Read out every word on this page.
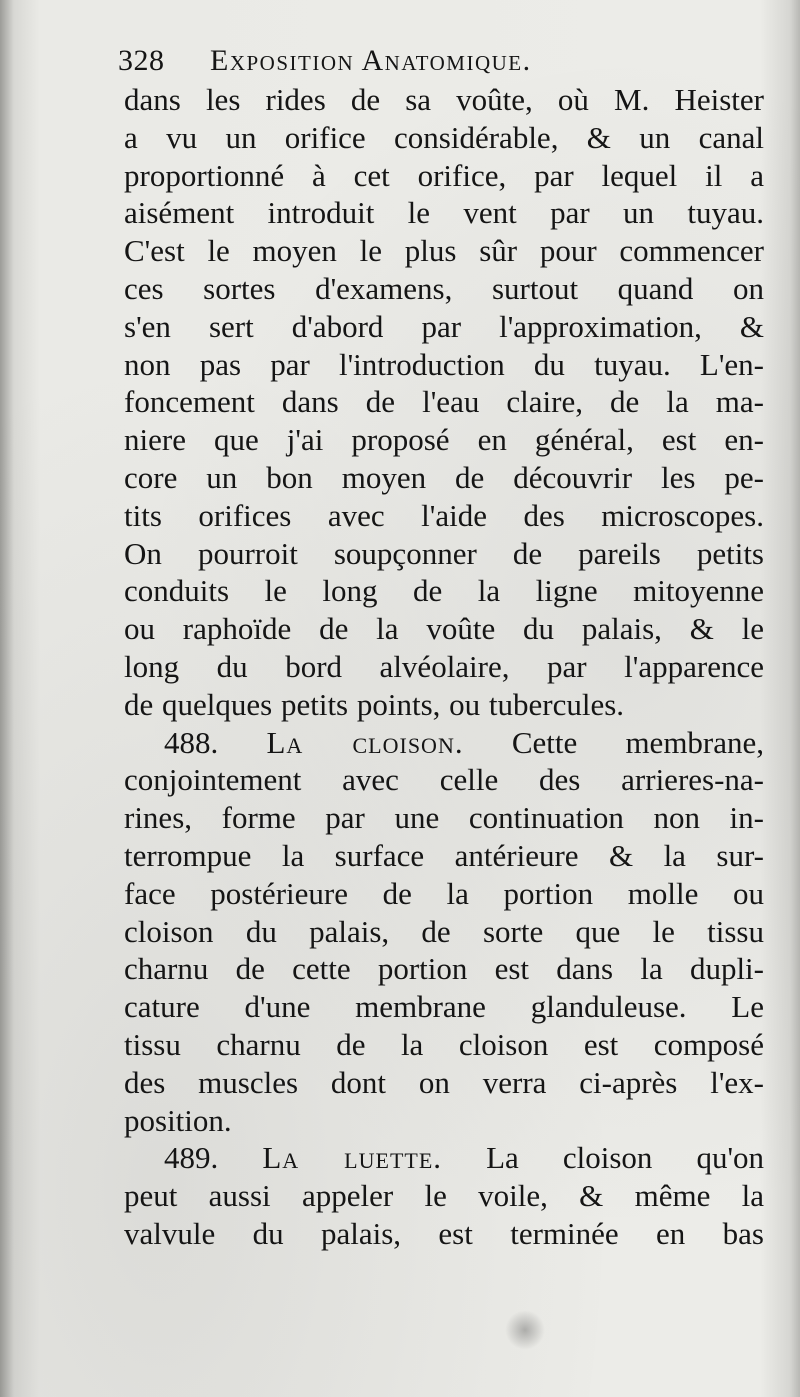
328 Exposition Anatomique.
dans les rides de sa voûte, où M. Heister
a vu un orifice considérable, & un canal
proportionné à cet orifice, par lequel il a
aisément introduit le vent par un tuyau.
C'est le moyen le plus sûr pour commencer
ces sortes d'examens, surtout quand on
s'en sert d'abord par l'approximation, &
non pas par l'introduction du tuyau. L'en-
foncement dans de l'eau claire, de la ma-
niere que j'ai proposé en général, est en-
core un bon moyen de découvrir les pe-
tits orifices avec l'aide des microscopes.
On pourroit soupçonner de pareils petits
conduits le long de la ligne mitoyenne
ou raphoïde de la voûte du palais, & le
long du bord alvéolaire, par l'apparence
de quelques petits points, ou tubercules.
488. La cloison. Cette membrane,
conjointement avec celle des arrieres-na-
rines, forme par une continuation non in-
terrompue la surface antérieure & la sur-
face postérieure de la portion molle ou
cloison du palais, de sorte que le tissu
charnu de cette portion est dans la dupli-
cature d'une membrane glanduleuse. Le
tissu charnu de la cloison est composé
des muscles dont on verra ci-après l'ex-
position.
489. La luette. La cloison qu'on
peut aussi appeler le voile, & même la
valvule du palais, est terminée en bas
